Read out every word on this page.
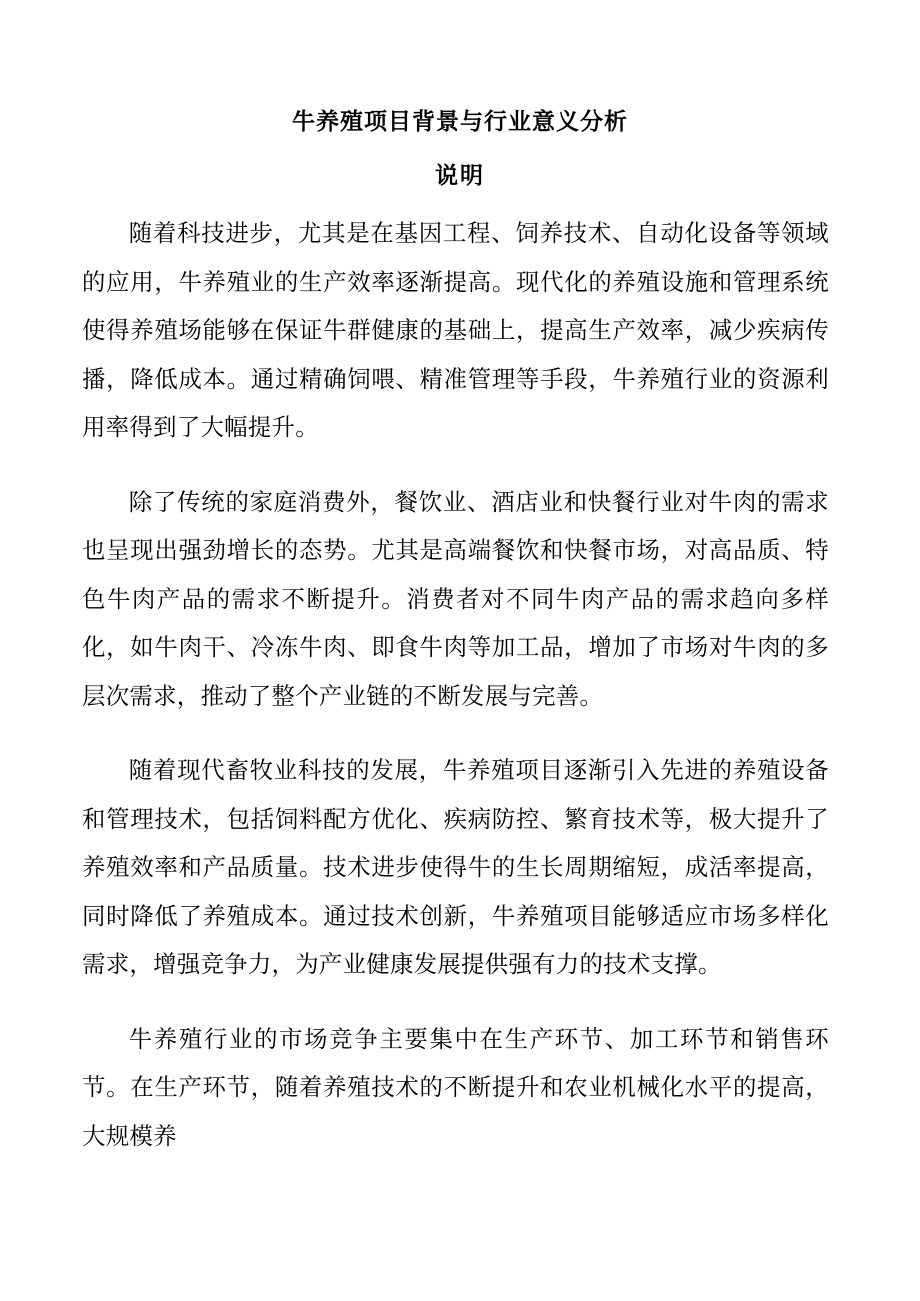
牛养殖项目背景与行业意义分析
说明

随着科技进步，尤其是在基因工程、饲养技术、自动化设备等领域的应用，牛养殖业的生产效率逐渐提高。现代化的养殖设施和管理系统使得养殖场能够在保证牛群健康的基础上，提高生产效率，减少疾病传播，降低成本。通过精确饲喂、精准管理等手段，牛养殖行业的资源利用率得到了大幅提升。

除了传统的家庭消费外，餐饮业、酒店业和快餐行业对牛肉的需求也呈现出强劲增长的态势。尤其是高端餐饮和快餐市场，对高品质、特色牛肉产品的需求不断提升。消费者对不同牛肉产品的需求趋向多样化，如牛肉干、冷冻牛肉、即食牛肉等加工品，增加了市场对牛肉的多层次需求，推动了整个产业链的不断发展与完善。

随着现代畜牧业科技的发展，牛养殖项目逐渐引入先进的养殖设备和管理技术，包括饲料配方优化、疾病防控、繁育技术等，极大提升了养殖效率和产品质量。技术进步使得牛的生长周期缩短，成活率提高，同时降低了养殖成本。通过技术创新，牛养殖项目能够适应市场多样化需求，增强竞争力，为产业健康发展提供强有力的技术支撑。

牛养殖行业的市场竞争主要集中在生产环节、加工环节和销售环节。在生产环节，随着养殖技术的不断提升和农业机械化水平的提高，大规模养
